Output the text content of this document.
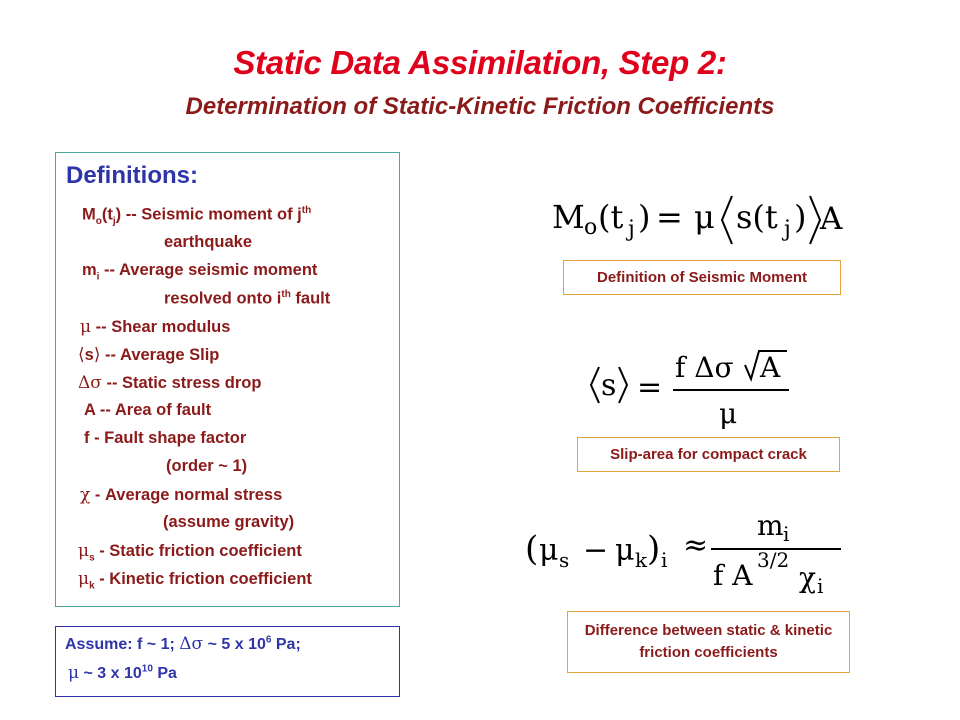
Static Data Assimilation, Step 2:
Determination of Static-Kinetic Friction Coefficients
Definitions:
$M_o(t_j)$ -- Seismic moment of $j^{th}$
earthquake
$m_i$ -- Average seismic moment
resolved onto $i^{th}$ fault
μ -- Shear modulus
⟨s⟩ -- Average Slip
Δσ -- Static stress drop
A -- Area of fault
f - Fault shape factor
(order ~ 1)
χ - Average normal stress
(assume gravity)
$\mu_s$ - Static friction coefficient
$\mu_k$ - Kinetic friction coefficient
Assume: f ~ 1; Δσ ~ 5 x $10^6$ Pa;
μ ~ 3 x $10^{10}$ Pa
M o (t j ) = μ s(t j ) A
Definition of Seismic Moment
s =
f Δσ A
μ
Slip-area for compact crack
( μ s − μ k ) i ≈
m i
f A 3/2
χ i
Difference between static & kinetic friction coefficients
